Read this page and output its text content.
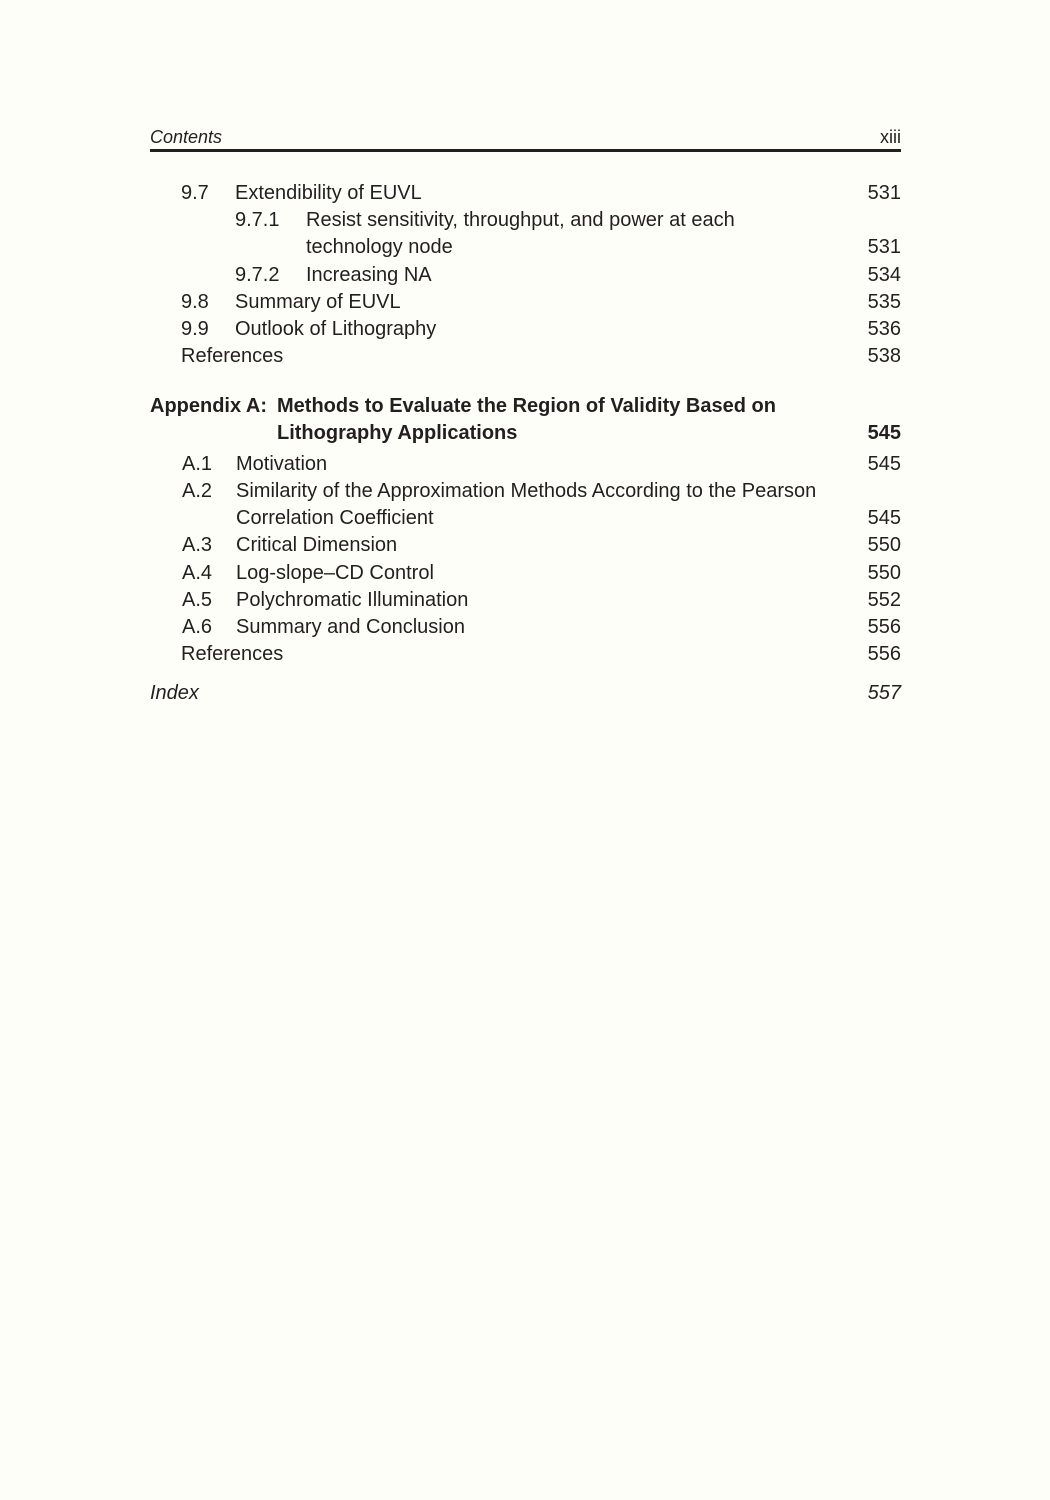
Contents	xiii
9.7 Extendibility of EUVL	531
9.7.1 Resist sensitivity, throughput, and power at each
technology node	531
9.7.2 Increasing NA	534
9.8 Summary of EUVL	535
9.9 Outlook of Lithography	536
References	538
Appendix A: Methods to Evaluate the Region of Validity Based on
Lithography Applications	545
A.1 Motivation	545
A.2 Similarity of the Approximation Methods According to the Pearson
Correlation Coefficient	545
A.3 Critical Dimension	550
A.4 Log-slope–CD Control	550
A.5 Polychromatic Illumination	552
A.6 Summary and Conclusion	556
References	556
Index	557
